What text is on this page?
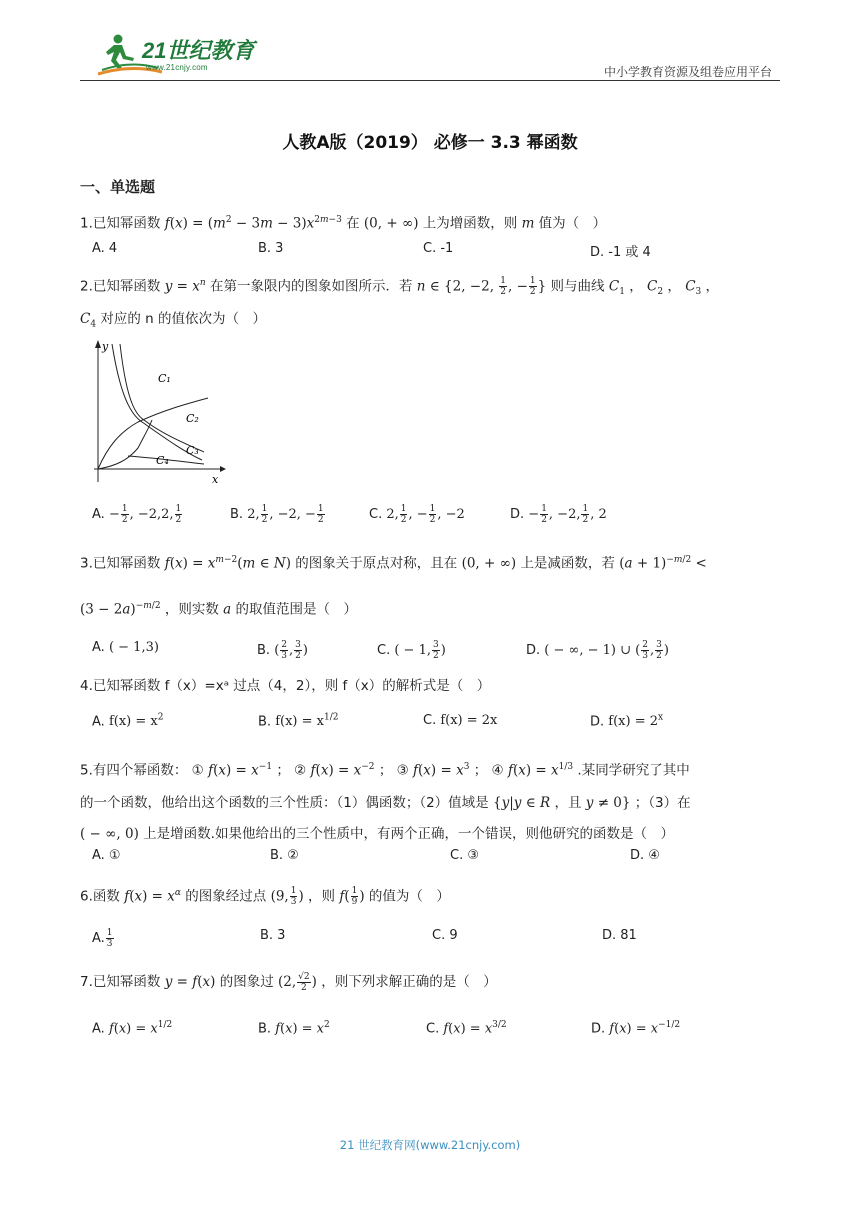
21世纪教育
www.21cnjy.com	中小学教育资源及组卷应用平台
人教A版（2019） 必修一 3.3 幂函数
一、单选题
1.已知幂函数 $f(x) = (m^2 - 3m - 3)x^{2m-3}$ 在 (0, + ∞) 上为增函数，则 m 值为（　）
A. 4	B. 3	C. -1	D. -1 或 4
2.已知幂函数 $y = x^n$ 在第一象限内的图象如图所示．若 n ∈ {2, −2, $\frac{1}{2}$ , − $\frac{1}{2}$ } 则与曲线 $C_1$ ， $C_2$ ， $C_3$ ，
$C_4$ 对应的 n 的值依次为（　）
y
x
C₁
C₂
C₃
C₄
A. − $\frac{1}{2}$ , −2,2, $\frac{1}{2}$	B. 2, $\frac{1}{2}$ , −2, − $\frac{1}{2}$	C. 2, $\frac{1}{2}$ , − $\frac{1}{2}$ , −2	D. − $\frac{1}{2}$ , −2, $\frac{1}{2}$ , 2
3.已知幂函数 $f(x) = x^{m-2}(m$ ∈ N) 的图象关于原点对称，且在 (0, + ∞) 上是减函数，若 $(a + 1)^{-m/2}$ <
$(3 - 2a)^{-m/2}$ ，则实数 a 的取值范围是（　）
A. ( − 1,3)	B. ( $\frac{2}{3}$ , $\frac{3}{2}$ )	C. ( − 1, $\frac{3}{2}$ )	D. ( − ∞, − 1) ∪ ( $\frac{2}{3}$ , $\frac{3}{2}$ )
4.已知幂函数 f（x）=xᵃ 过点（4，2），则 f（x）的解析式是（　）
A. $f(x) = x^2$	B. $f(x) = x^{1/2}$	C. f(x) = 2x	D. $f(x) = 2^x$
5.有四个幂函数： ① $f(x) = x^{-1}$ ； ② $f(x) = x^{-2}$ ； ③ $f(x) = x^3$ ； ④ $f(x) = x^{1/3}$ .某同学研究了其中
的一个函数，他给出这个函数的三个性质：（1）偶函数；（2）值域是 {y|y ∈ R ，且 y ≠ 0} ；（3）在
( − ∞, 0) 上是增函数.如果他给出的三个性质中，有两个正确，一个错误，则他研究的函数是（　）
A. ①	B. ②	C. ③	D. ④
6.函数 $f(x) = x^\alpha$ 的图象经过点 (9, $\frac{1}{3}$ ) ，则 $f( \frac{1}{9}$ ) 的值为（　）
A. $\frac{1}{3}$	B. 3	C. 9	D. 81
7.已知幂函数 y = f(x) 的图象过 (2, $\frac{√2}{2}$ ) ，则下列求解正确的是（　）
A. $f(x) = x^{1/2}$	B. $f(x) = x^2$	C. $f(x) = x^{3/2}$	D. $f(x) = x^{-1/2}$
21 世纪教育网(www.21cnjy.com)
